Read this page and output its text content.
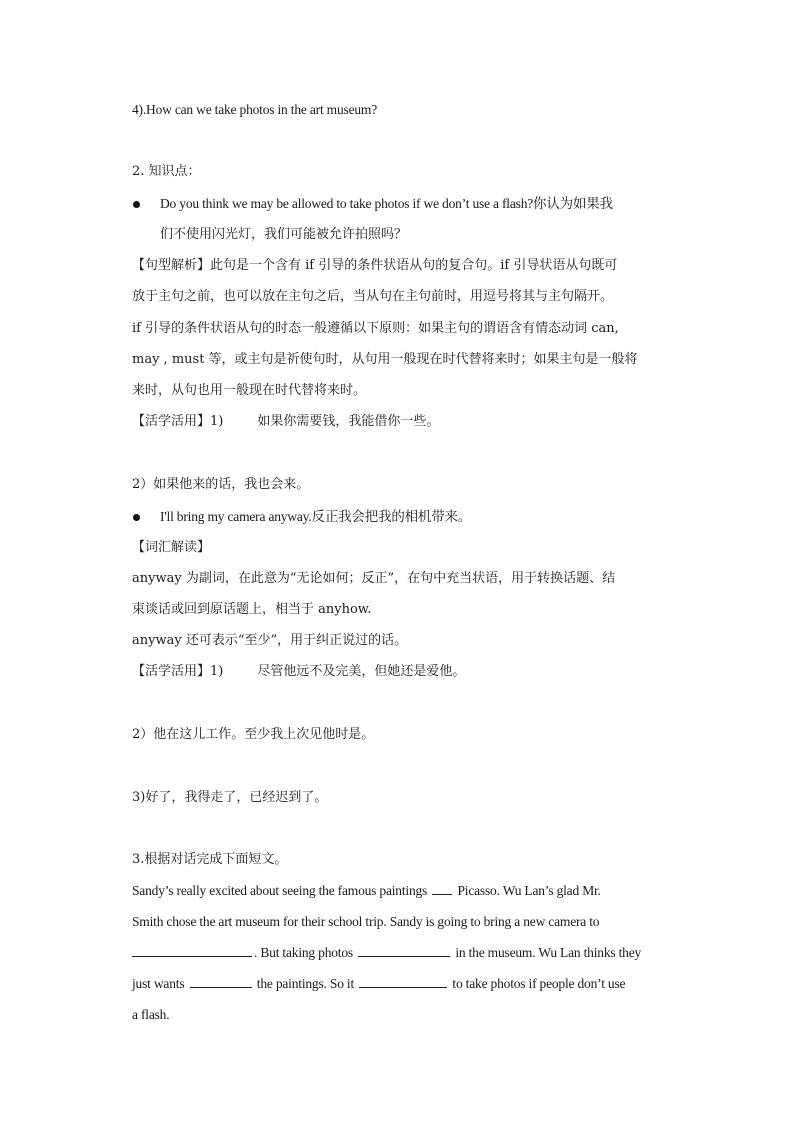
4).How can we take photos in the art museum?
2. 知识点：
Do you think we may be allowed to take photos if we don’t use a flash?你认为如果我
们不使用闪光灯，我们可能被允许拍照吗？
【句型解析】此句是一个含有 if 引导的条件状语从句的复合句。if 引导状语从句既可
放于主句之前，也可以放在主句之后，当从句在主句前时，用逗号将其与主句隔开。
if 引导的条件状语从句的时态一般遵循以下原则：如果主句的谓语含有情态动词 can,
may , must 等，或主句是祈使句时，从句用一般现在时代替将来时；如果主句是一般将
来时，从句也用一般现在时代替将来时。
【活学活用】1)	如果你需要钱，我能借你一些。
2）如果他来的话，我也会来。
I'll bring my camera anyway.反正我会把我的相机带来。
【词汇解读】
anyway 为副词，在此意为“无论如何；反正”，在句中充当状语，用于转换话题、结
束谈话或回到原话题上，相当于 anyhow.
anyway 还可表示“至少”，用于纠正说过的话。
【活学活用】1)	尽管他远不及完美，但她还是爱他。
2）他在这儿工作。至少我上次见他时是。
3)好了，我得走了，已经迟到了。
3.根据对话完成下面短文。
Sandy’s really excited about seeing the famous paintings Picasso. Wu Lan’s glad Mr.
Smith chose the art museum for their school trip. Sandy is going to bring a new camera to
. But taking photos	in the museum. Wu Lan thinks they
just wants	the paintings. So it	to take photos if people don’t use
a flash.
